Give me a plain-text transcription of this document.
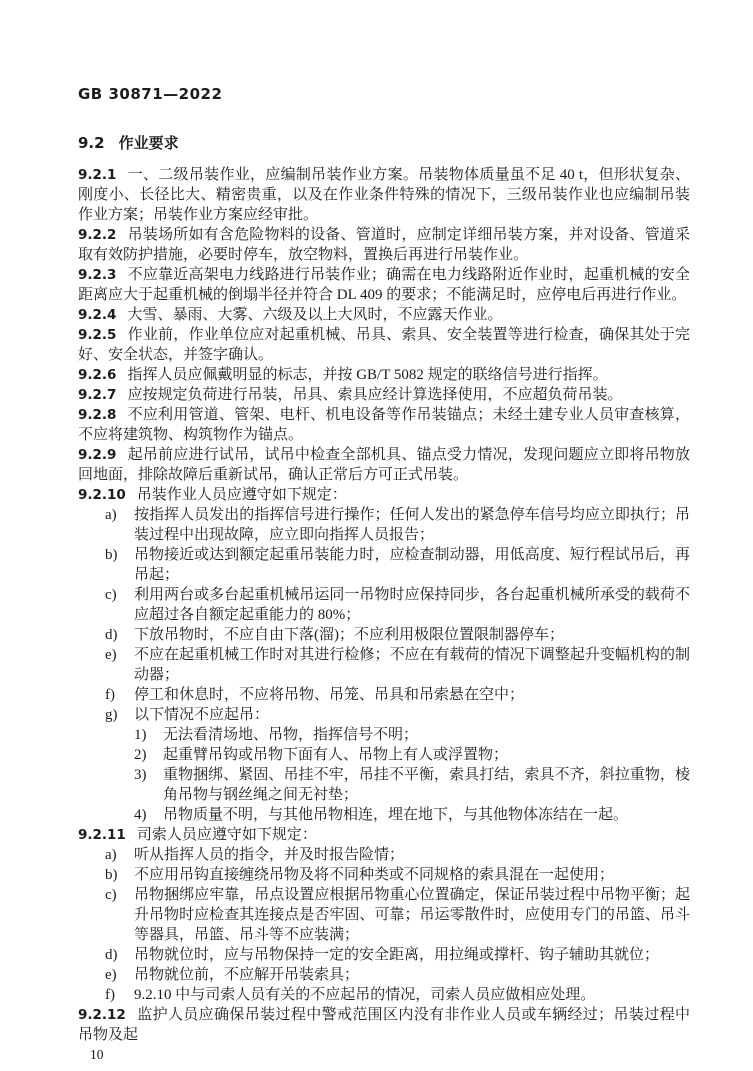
GB 30871—2022
9.2 作业要求

9.2.1 一、二级吊装作业，应编制吊装作业方案。吊装物体质量虽不足 40 t，但形状复杂、刚度小、长径比大、精密贵重，以及在作业条件特殊的情况下，三级吊装作业也应编制吊装作业方案；吊装作业方案应经审批。

9.2.2 吊装场所如有含危险物料的设备、管道时，应制定详细吊装方案，并对设备、管道采取有效防护措施，必要时停车，放空物料，置换后再进行吊装作业。

9.2.3 不应靠近高架电力线路进行吊装作业；确需在电力线路附近作业时，起重机械的安全距离应大于起重机械的倒塌半径并符合 DL 409 的要求；不能满足时，应停电后再进行作业。

9.2.4 大雪、暴雨、大雾、六级及以上大风时，不应露天作业。

9.2.5 作业前，作业单位应对起重机械、吊具、索具、安全装置等进行检查，确保其处于完好、安全状态，并签字确认。

9.2.6 指挥人员应佩戴明显的标志，并按 GB/T 5082 规定的联络信号进行指挥。

9.2.7 应按规定负荷进行吊装，吊具、索具应经计算选择使用，不应超负荷吊装。

9.2.8 不应利用管道、管架、电杆、机电设备等作吊装锚点；未经土建专业人员审查核算，不应将建筑物、构筑物作为锚点。

9.2.9 起吊前应进行试吊，试吊中检查全部机具、锚点受力情况，发现问题应立即将吊物放回地面，排除故障后重新试吊，确认正常后方可正式吊装。

9.2.10 吊装作业人员应遵守如下规定：

a)	按指挥人员发出的指挥信号进行操作；任何人发出的紧急停车信号均应立即执行；吊装过程中出现故障，应立即向指挥人员报告；
b)	吊物接近或达到额定起重吊装能力时，应检查制动器，用低高度、短行程试吊后，再吊起；
c)	利用两台或多台起重机械吊运同一吊物时应保持同步，各台起重机械所承受的载荷不应超过各自额定起重能力的 80%；
d)	下放吊物时，不应自由下落(溜)；不应利用极限位置限制器停车；
e)	不应在起重机械工作时对其进行检修；不应在有载荷的情况下调整起升变幅机构的制动器；
f)	停工和休息时，不应将吊物、吊笼、吊具和吊索悬在空中；
g)	以下情况不应起吊：
1)	无法看清场地、吊物，指挥信号不明；
2)	起重臂吊钩或吊物下面有人、吊物上有人或浮置物；
3)	重物捆绑、紧固、吊挂不牢，吊挂不平衡，索具打结，索具不齐，斜拉重物，棱角吊物与钢丝绳之间无衬垫；
4)	吊物质量不明，与其他吊物相连，埋在地下，与其他物体冻结在一起。

9.2.11 司索人员应遵守如下规定：

a)	听从指挥人员的指令，并及时报告险情；
b)	不应用吊钩直接缠绕吊物及将不同种类或不同规格的索具混在一起使用；
c)	吊物捆绑应牢靠，吊点设置应根据吊物重心位置确定，保证吊装过程中吊物平衡；起升吊物时应检查其连接点是否牢固、可靠；吊运零散件时，应使用专门的吊篮、吊斗等器具，吊篮、吊斗等不应装满；
d)	吊物就位时，应与吊物保持一定的安全距离，用拉绳或撑杆、钩子辅助其就位；
e)	吊物就位前，不应解开吊装索具；
f)	9.2.10 中与司索人员有关的不应起吊的情况，司索人员应做相应处理。

9.2.12 监护人员应确保吊装过程中警戒范围区内没有非作业人员或车辆经过；吊装过程中吊物及起

10
